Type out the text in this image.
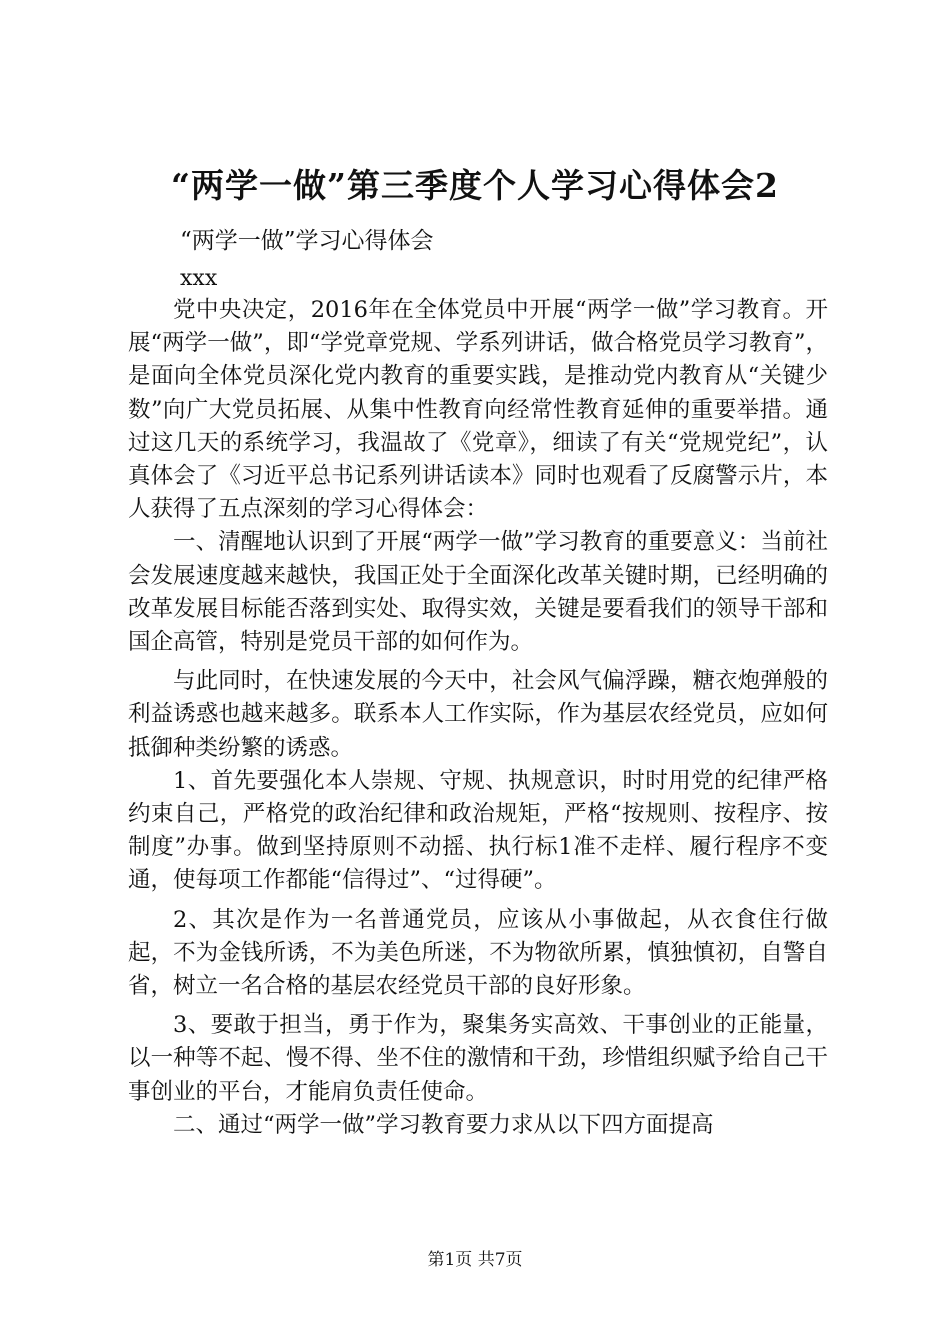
“两学一做”第三季度个人学习心得体会2
“两学一做”学习心得体会
xxx

党中央决定，2016年在全体党员中开展“两学一做”学习教育。开展“两学一做”，即“学党章党规、学系列讲话，做合格党员学习教育”，是面向全体党员深化党内教育的重要实践，是推动党内教育从“关键少数”向广大党员拓展、从集中性教育向经常性教育延伸的重要举措。通过这几天的系统学习，我温故了《党章》，细读了有关“党规党纪”，认真体会了《习近平总书记系列讲话读本》同时也观看了反腐警示片，本人获得了五点深刻的学习心得体会：

一、清醒地认识到了开展“两学一做”学习教育的重要意义：当前社会发展速度越来越快，我国正处于全面深化改革关键时期，已经明确的改革发展目标能否落到实处、取得实效，关键是要看我们的领导干部和国企高管，特别是党员干部的如何作为。

与此同时，在快速发展的今天中，社会风气偏浮躁，糖衣炮弹般的利益诱惑也越来越多。联系本人工作实际，作为基层农经党员，应如何抵御种类纷繁的诱惑。

1、首先要强化本人崇规、守规、执规意识，时时用党的纪律严格约束自己，严格党的政治纪律和政治规矩，严格“按规则、按程序、按制度”办事。做到坚持原则不动摇、执行标1准不走样、履行程序不变通，使每项工作都能“信得过”、“过得硬”。

2、其次是作为一名普通党员，应该从小事做起，从衣食住行做起，不为金钱所诱，不为美色所迷，不为物欲所累，慎独慎初，自警自省，树立一名合格的基层农经党员干部的良好形象。

3、要敢于担当，勇于作为，聚集务实高效、干事创业的正能量，以一种等不起、慢不得、坐不住的激情和干劲，珍惜组织赋予给自己干事创业的平台，才能肩负责任使命。

二、通过“两学一做”学习教育要力求从以下四方面提高

第1页 共7页
